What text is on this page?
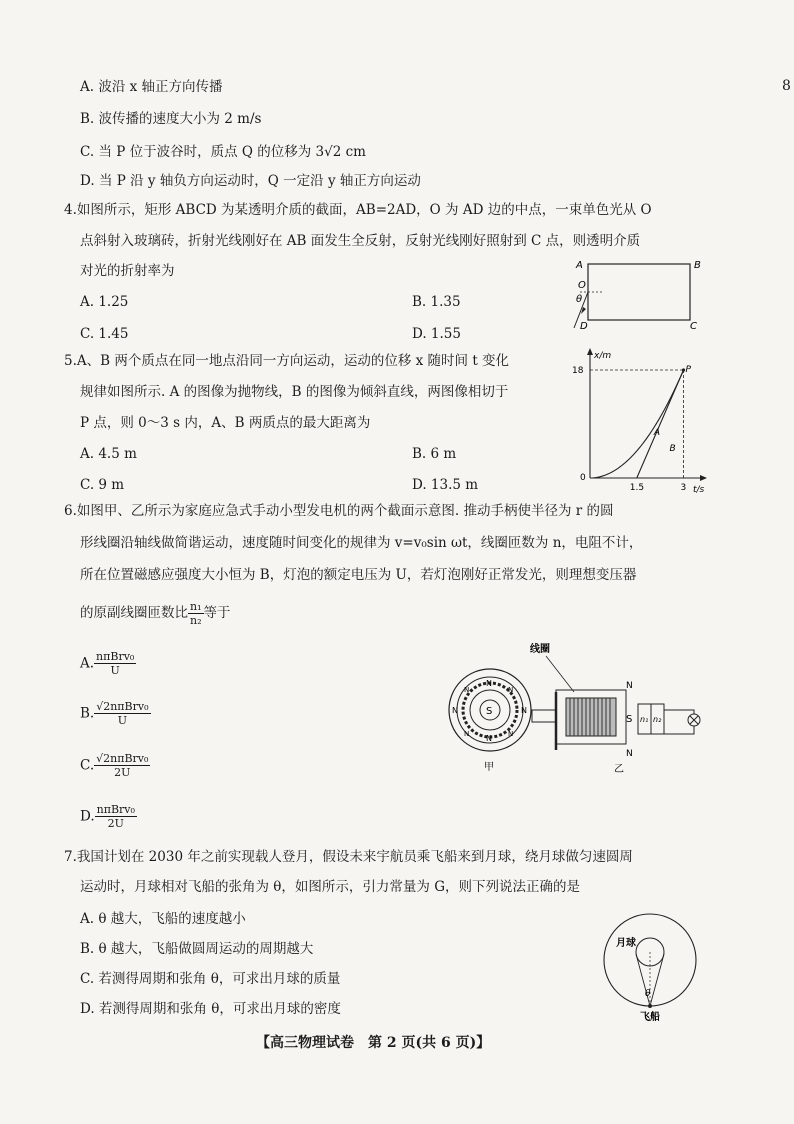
8
A. 波沿 x 轴正方向传播
B. 波传播的速度大小为 2 m/s
C. 当 P 位于波谷时，质点 Q 的位移为 3√2 cm
D. 当 P 沿 y 轴负方向运动时，Q 一定沿 y 轴正方向运动
4.如图所示，矩形 ABCD 为某透明介质的截面，AB=2AD，O 为 AD 边的中点，一束单色光从 O
点斜射入玻璃砖，折射光线刚好在 AB 面发生全反射，反射光线刚好照射到 C 点，则透明介质
对光的折射率为
A. 1.25	B. 1.35
C. 1.45	D. 1.55
A	B
O
θ
D	C
5.A、B 两个质点在同一地点沿同一方向运动，运动的位移 x 随时间 t 变化
规律如图所示. A 的图像为抛物线，B 的图像为倾斜直线，两图像相切于
P 点，则 0～3 s 内，A、B 两质点的最大距离为
A. 4.5 m	B. 6 m
C. 9 m	D. 13.5 m
x/m
t/s
0
P
A
B
18
1.5	3
6.如图甲、乙所示为家庭应急式手动小型发电机的两个截面示意图. 推动手柄使半径为 r 的圆
形线圈沿轴线做简谐运动，速度随时间变化的规律为 v=v₀sin ωt，线圈匝数为 n，电阻不计，
所在位置磁感应强度大小恒为 B，灯泡的额定电压为 U，若灯泡刚好正常发光，则理想变压器
的原副线圈匝数比 $\frac{\text{n₁}}{\text{n₂}}$ 等于
A. $\frac{\text{nπBrv₀}}{U}$
B. $\frac{\text{√2nπBrv₀}}{U}$
C. $\frac{\text{√2nπBrv₀}}{2U}$
D. $\frac{\text{nπBrv₀}}{2U}$
S
N
N
N	N
N	N
N	N
甲
线圈
N
S
N
n₁ n₂
乙
7.我国计划在 2030 年之前实现载人登月，假设未来宇航员乘飞船来到月球，绕月球做匀速圆周
运动时，月球相对飞船的张角为 θ，如图所示，引力常量为 G，则下列说法正确的是
A. θ 越大，飞船的速度越小
B. θ 越大，飞船做圆周运动的周期越大
C. 若测得周期和张角 θ，可求出月球的质量
D. 若测得周期和张角 θ，可求出月球的密度
月球
θ
飞船
【高三物理试卷　第 2 页(共 6 页)】
